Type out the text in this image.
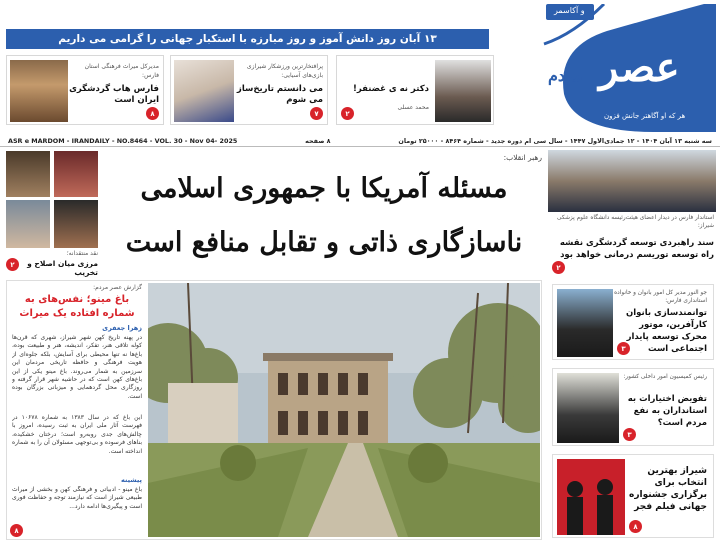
۱۳ آبان روز دانش آموز و روز مبارزه با استکبار جهانی را گرامی می داریم
و آکاسمر
عصر
مردم
هر که او آگاهتر جانش فزون
مدیرکل میراث فرهنگی استان فارس:
فارس هاب گردشگری ایران است
۸
پرافتخارترین ورزشکار شیرازی بازی‌های آسیایی:
می دانستم تاریخ‌ساز می شوم
۷
دکتر نه ی غضنفر!
محمد عسلی
۲
ASR e MARDOM - IRANDAILY - NO.8464 - VOL. 30 - Nov 04- 2025	۸ صفحه	سه شنبه ۱۳ آبان ۱۴۰۴ - ۱۲ جمادی‌الاول ۱۴۴۷ - سال سی ام دوره جدید - شماره ۸۴۶۴ - ۲۵۰۰۰ تومان
نقد منتقدانه؛
مرزی میان اصلاح و تخریب
۲
رهبر انقلاب:
مسئله آمریکا با جمهوری اسلامی
ناسازگاری ذاتی و تقابل منافع است
استاندار فارس در دیدار اعضای هیئت‌رئیسه دانشگاه علوم پزشکی شیراز:
سند راهبردی توسعه گردشگری نقشه راه توسعه توریسم درمانی خواهد بود
۲
گزارش عصر مردم:
باغ مینو؛ نفس‌های به شماره افتاده یک میراث
زهرا جعفری
در پهنه تاریخ کهن شهر شیراز، شهری که قرن‌ها کوله تلاقی هنر، تفکر، اندیشه، هنر و طبیعت بوده، باغ‌ها نه تنها محیطی برای آسایش، بلکه جلوه‌ای از هویت فرهنگی و حافظه تاریخی مردمان این سرزمین به شمار می‌روند. باغ مینو یکی از این باغ‌های کهن است که در حاشیه شهر قرار گرفته و روزگاری محل گردهمایی و میزبانی بزرگان بوده است.
این باغ که در سال ۱۳۸۳ به شماره ۱۰۶۷۸ در فهرست آثار ملی ایران به ثبت رسیده، امروز با چالش‌های جدی روبه‌رو است؛ درختان خشکیده، بناهای فرسوده و بی‌توجهی مسئولان آن را به شماره انداخته است.
پیشینه
باغ مینو - ادبیاتی و فرهنگی کهن و بخشی از میراث طبیعی شیراز است که نیازمند توجه و حفاظت فوری است و پیگیری‌ها ادامه دارد...
۸
جو النور مدیر کل امور بانوان و خانواده استانداری فارس:
توانمندسازی بانوان کارآفرین، موتور محرک توسعه پایدار اجتماعی است
۳
رئیس کمیسیون امور داخلی کشور:
تفویض اختیارات به استانداران به نفع مردم است؟
۳
شیراز بهترین انتخاب برای برگزاری جشنواره جهانی فیلم فجر
۸
